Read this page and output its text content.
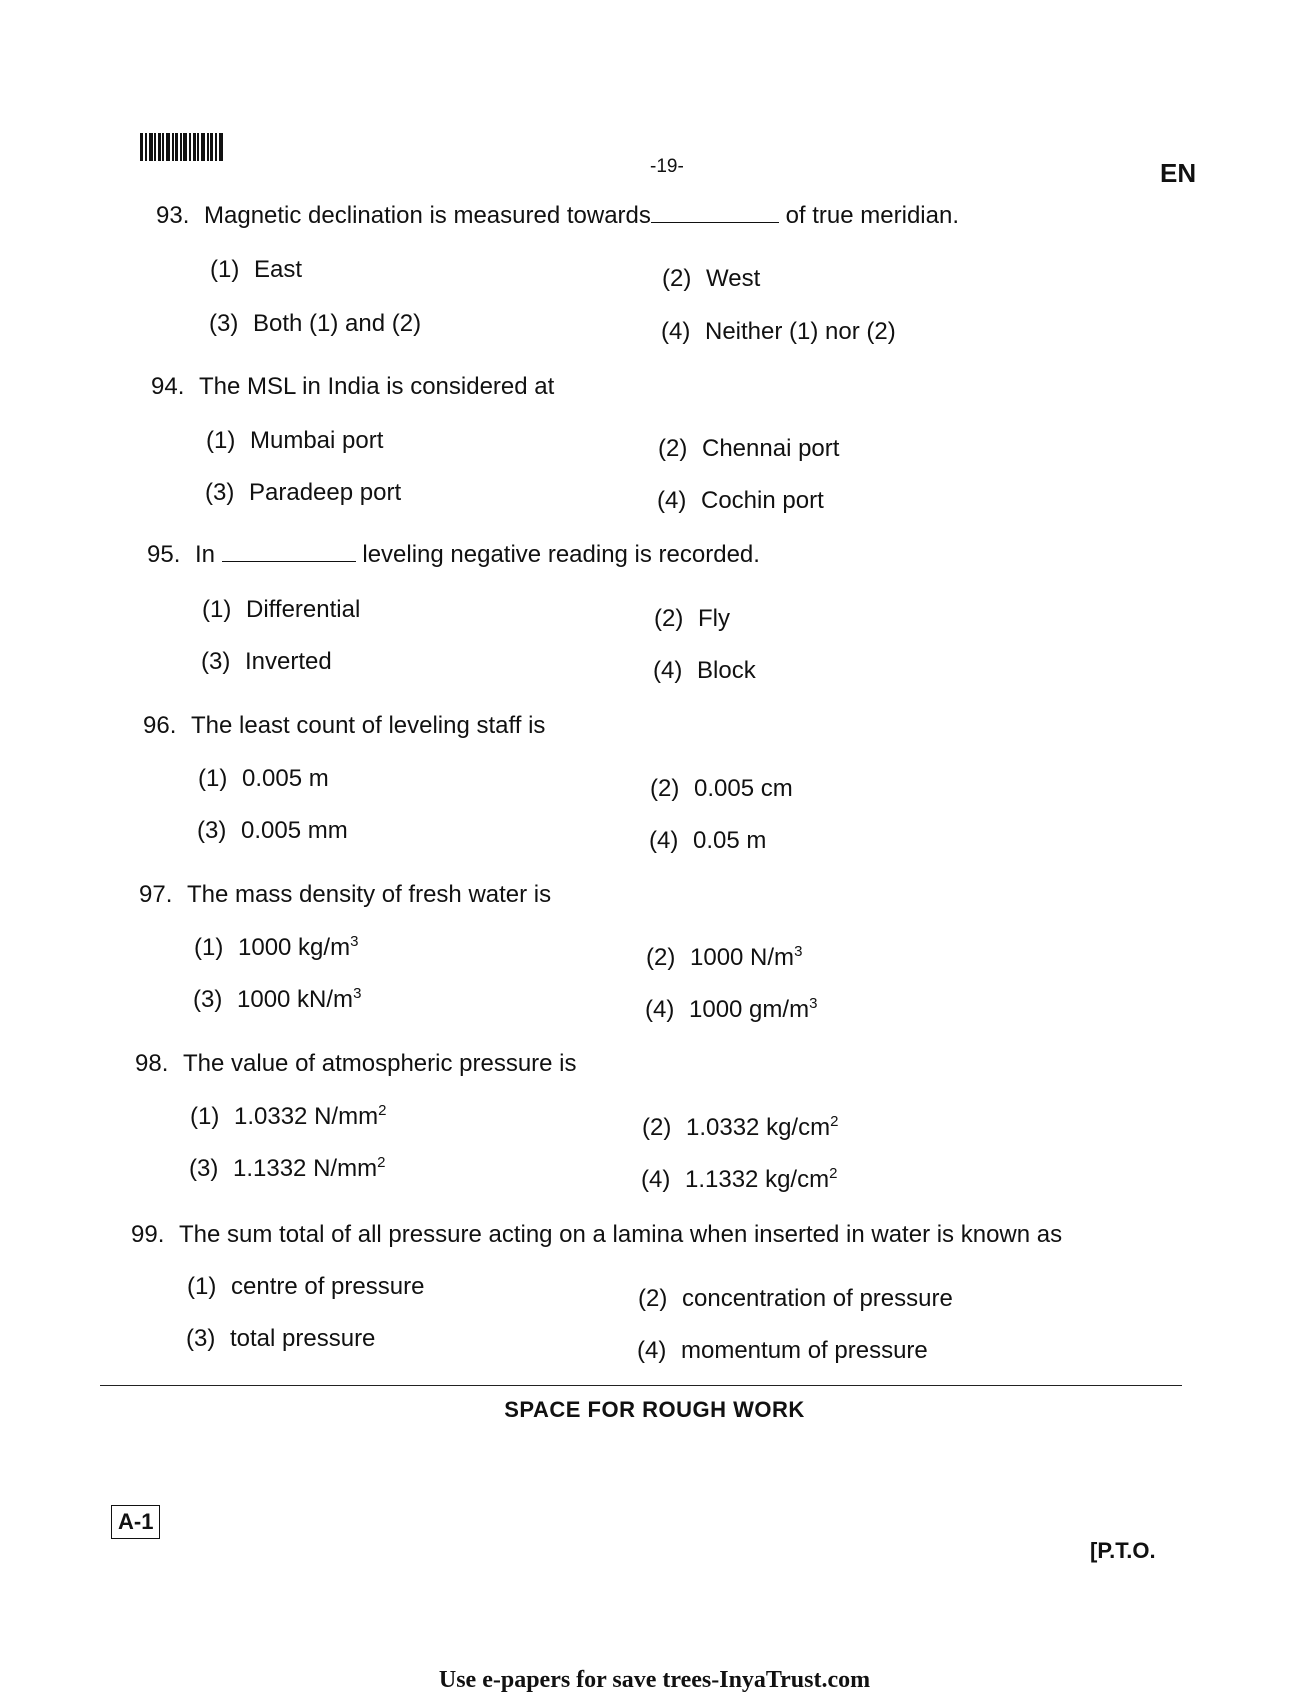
-19-	EN
93. Magnetic declination is measured towards	of true meridian.
(1) East	(2) West
(3) Both (1) and (2)	(4) Neither (1) nor (2)
94. The MSL in India is considered at
(1) Mumbai port	(2) Chennai port
(3) Paradeep port	(4) Cochin port
95. In	leveling negative reading is recorded.
(1) Differential	(2) Fly
(3) Inverted	(4) Block
96. The least count of leveling staff is
(1) 0.005 m	(2) 0.005 cm
(3) 0.005 mm	(4) 0.05 m
97. The mass density of fresh water is
(1) 1000 $kg/m^3$
(2) 1000 $N/m^3$
(3) 1000 $kN/m^3$
(4) 1000 $gm/m^3$
98. The value of atmospheric pressure is
(1) 1.0332 $N/mm^2$
(2) 1.0332 $kg/cm^2$
(3) 1.1332 $N/mm^2$
(4) 1.1332 $kg/cm^2$
99. The sum total of all pressure acting on a lamina when inserted in water is known as
(1) centre of pressure	(2) concentration of pressure
(3) total pressure	(4) momentum of pressure
SPACE FOR ROUGH WORK
A-1
[P.T.O.
Use e-papers for save trees-InyaTrust.com
